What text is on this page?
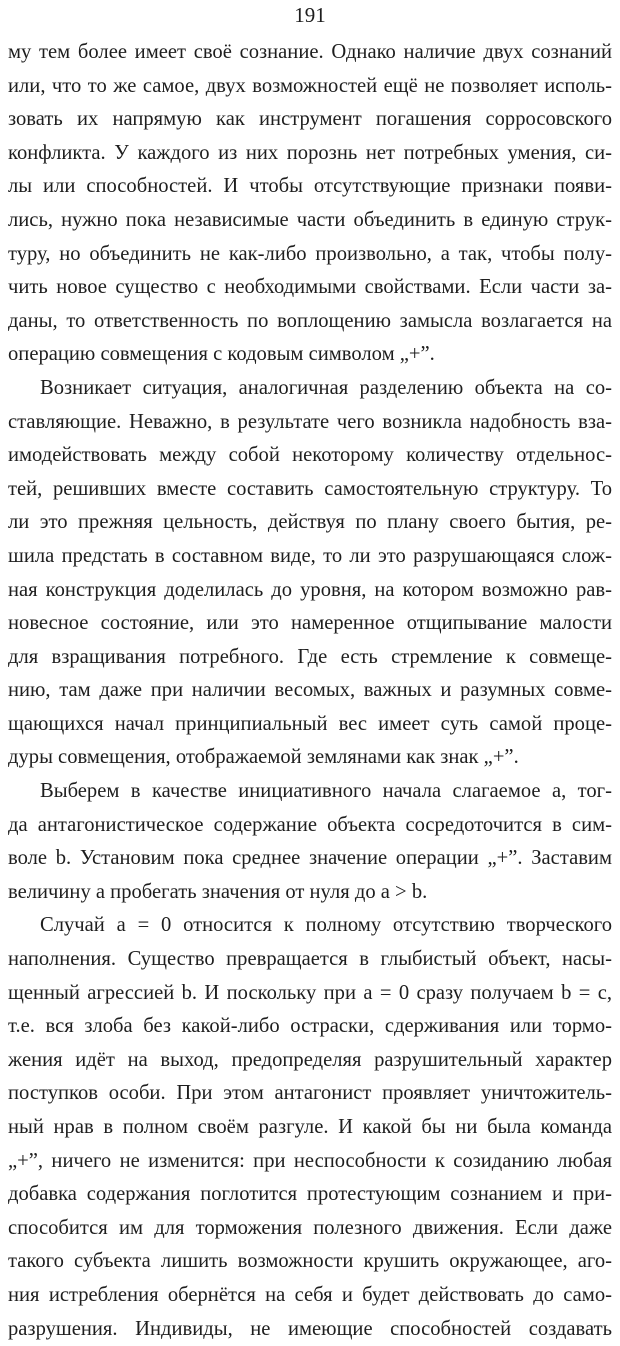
191
му тем более имеет своё сознание. Однако наличие двух сознаний
или, что то же самое, двух возможностей ещё не позволяет исполь-
зовать их напрямую как инструмент погашения сорросовского
конфликта. У каждого из них порознь нет потребных умения, си-
лы или способностей. И чтобы отсутствующие признаки появи-
лись, нужно пока независимые части объединить в единую струк-
туру, но объединить не как-либо произвольно, а так, чтобы полу-
чить новое существо с необходимыми свойствами. Если части за-
даны, то ответственность по воплощению замысла возлагается на
операцию совмещения с кодовым символом „+”.
Возникает ситуация, аналогичная разделению объекта на со-
ставляющие. Неважно, в результате чего возникла надобность вза-
имодействовать между собой некоторому количеству отдельнос-
тей, решивших вместе составить самостоятельную структуру. То
ли это прежняя цельность, действуя по плану своего бытия, ре-
шила предстать в составном виде, то ли это разрушающаяся слож-
ная конструкция доделилась до уровня, на котором возможно рав-
новесное состояние, или это намеренное отщипывание малости
для взращивания потребного. Где есть стремление к совмеще-
нию, там даже при наличии весомых, важных и разумных совме-
щающихся начал принципиальный вес имеет суть самой проце-
дуры совмещения, отображаемой землянами как знак „+”.
Выберем в качестве инициативного начала слагаемое a, тог-
да антагонистическое содержание объекта сосредоточится в сим-
воле b. Установим пока среднее значение операции „+”. Заставим
величину a пробегать значения от нуля до a > b.
Случай a = 0 относится к полному отсутствию творческого
наполнения. Существо превращается в глыбистый объект, насы-
щенный агрессией b. И поскольку при a = 0 сразу получаем b = c,
т.е. вся злоба без какой-либо остраски, сдерживания или тормо-
жения идёт на выход, предопределяя разрушительный характер
поступков особи. При этом антагонист проявляет уничтожитель-
ный нрав в полном своём разгуле. И какой бы ни была команда
„+”, ничего не изменится: при неспособности к созиданию любая
добавка содержания поглотится протестующим сознанием и при-
способится им для торможения полезного движения. Если даже
такого субъекта лишить возможности крушить окружающее, аго-
ния истребления обернётся на себя и будет действовать до само-
разрушения. Индивиды, не имеющие способностей создавать
